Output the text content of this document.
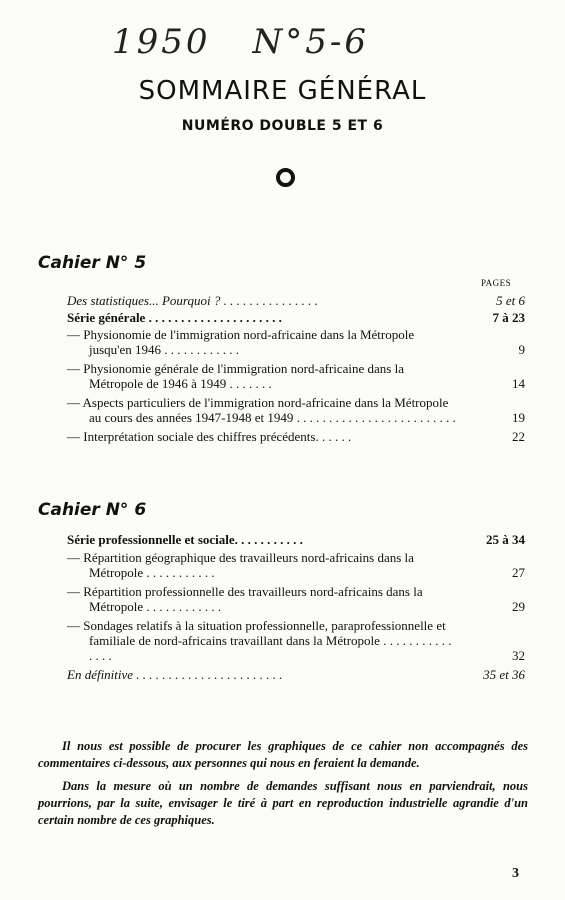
1950 N°5-6
SOMMAIRE GÉNÉRAL
NUMÉRO DOUBLE 5 ET 6
Cahier N° 5
PAGES
Des statistiques... Pourquoi ? . . . . . . . . . . . . . . .	5 et 6
Série générale . . . . . . . . . . . . . . . . . . . . .	7 à 23
— Physionomie de l'immigration nord-africaine dans la Métropole jusqu'en 1946 . . . . . . . . . . . .	9
— Physionomie générale de l'immigration nord-africaine dans la Métropole de 1946 à 1949 . . . . . . .	14
— Aspects particuliers de l'immigration nord-africaine dans la Métropole au cours des années 1947-1948 et 1949 . . . . . . . . . . . . . . . . . . . . . . . . .	19
— Interprétation sociale des chiffres précédents. . . . . .	22
Cahier N° 6
Série professionnelle et sociale. . . . . . . . . . .	25 à 34
— Répartition géographique des travailleurs nord-africains dans la Métropole . . . . . . . . . . .	27
— Répartition professionnelle des travailleurs nord-africains dans la Métropole . . . . . . . . . . . .	29
— Sondages relatifs à la situation professionnelle, paraprofessionnelle et familiale de nord-africains travaillant dans la Métropole . . . . . . . . . . . . . . .	32
En définitive . . . . . . . . . . . . . . . . . . . . . . .	35 et 36

Il nous est possible de procurer les graphiques de ce cahier non accompagnés des commentaires ci-dessous, aux personnes qui nous en feraient la demande.

Dans la mesure où un nombre de demandes suffisant nous en parviendrait, nous pourrions, par la suite, envisager le tiré à part en reproduction industrielle agrandie d'un certain nombre de ces graphiques.

3
